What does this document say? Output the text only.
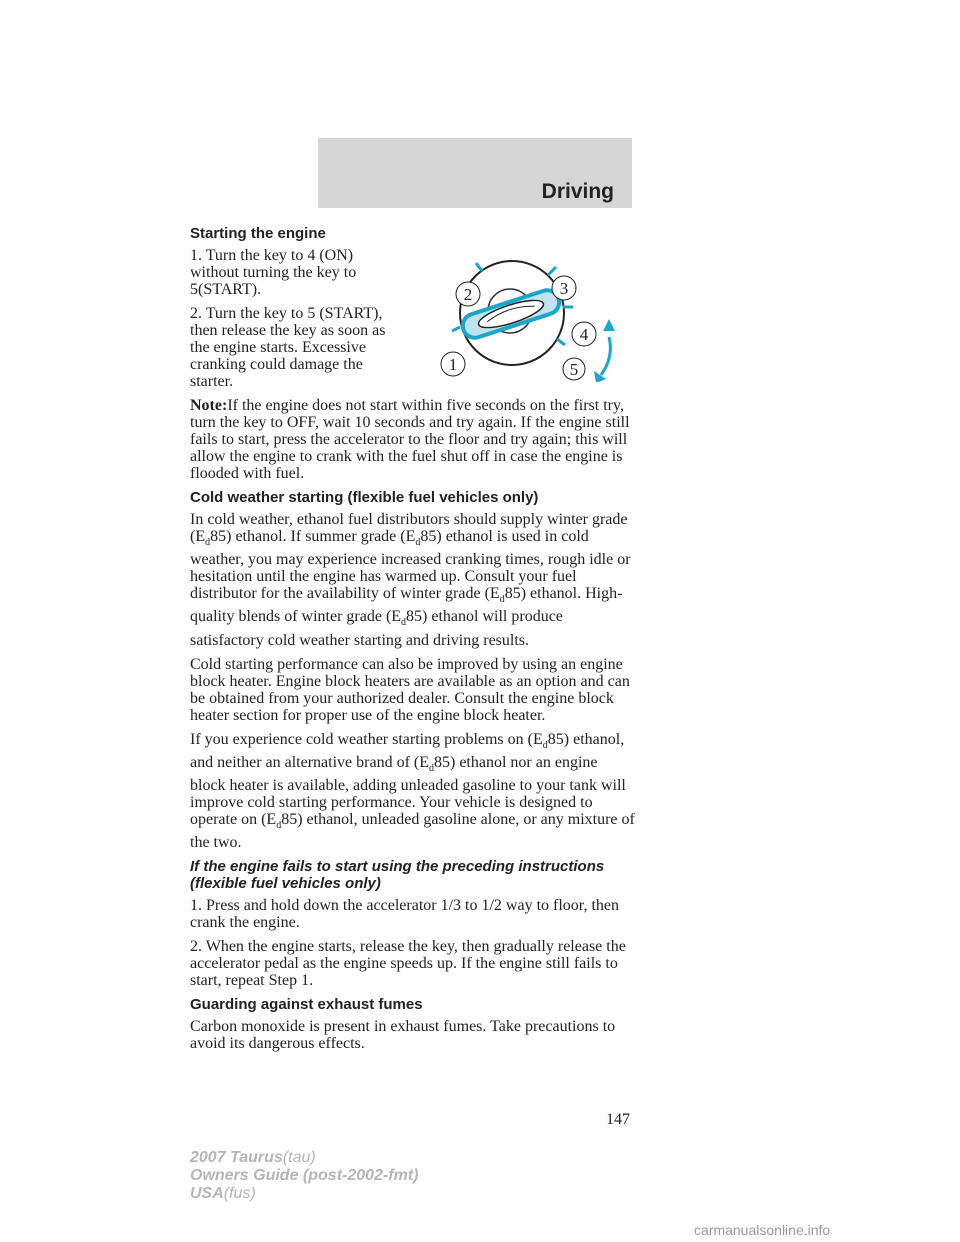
Driving
Starting the engine
2	3
4
1	5

1. Turn the key to 4 (ON) without turning the key to 5(START).

2. Turn the key to 5 (START), then release the key as soon as the engine starts. Excessive cranking could damage the starter.

Note:If the engine does not start within five seconds on the first try, turn the key to OFF, wait 10 seconds and try again. If the engine still fails to start, press the accelerator to the floor and try again; this will allow the engine to crank with the fuel shut off in case the engine is flooded with fuel.

Cold weather starting (flexible fuel vehicles only)

In cold weather, ethanol fuel distributors should supply winter grade $(E_d85)$ ethanol. If summer grade $(E_d85)$ ethanol is used in cold weather, you may experience increased cranking times, rough idle or hesitation until the engine has warmed up. Consult your fuel distributor for the availability of winter grade $(E_d85)$ ethanol. High-quality blends of winter grade $(E_d85)$ ethanol will produce satisfactory cold weather starting and driving results.

Cold starting performance can also be improved by using an engine block heater. Engine block heaters are available as an option and can be obtained from your authorized dealer. Consult the engine block heater section for proper use of the engine block heater.

If you experience cold weather starting problems on $(E_d85)$ ethanol, and neither an alternative brand of $(E_d85)$ ethanol nor an engine block heater is available, adding unleaded gasoline to your tank will improve cold starting performance. Your vehicle is designed to operate on $(E_d85)$ ethanol, unleaded gasoline alone, or any mixture of the two.

If the engine fails to start using the preceding instructions (flexible fuel vehicles only)

1. Press and hold down the accelerator 1/3 to 1/2 way to floor, then crank the engine.

2. When the engine starts, release the key, then gradually release the accelerator pedal as the engine speeds up. If the engine still fails to start, repeat Step 1.

Guarding against exhaust fumes

Carbon monoxide is present in exhaust fumes. Take precautions to avoid its dangerous effects.

147
2007 Taurus(tau)
Owners Guide (post-2002-fmt)
USA(fus)
carmanualsonline.info
